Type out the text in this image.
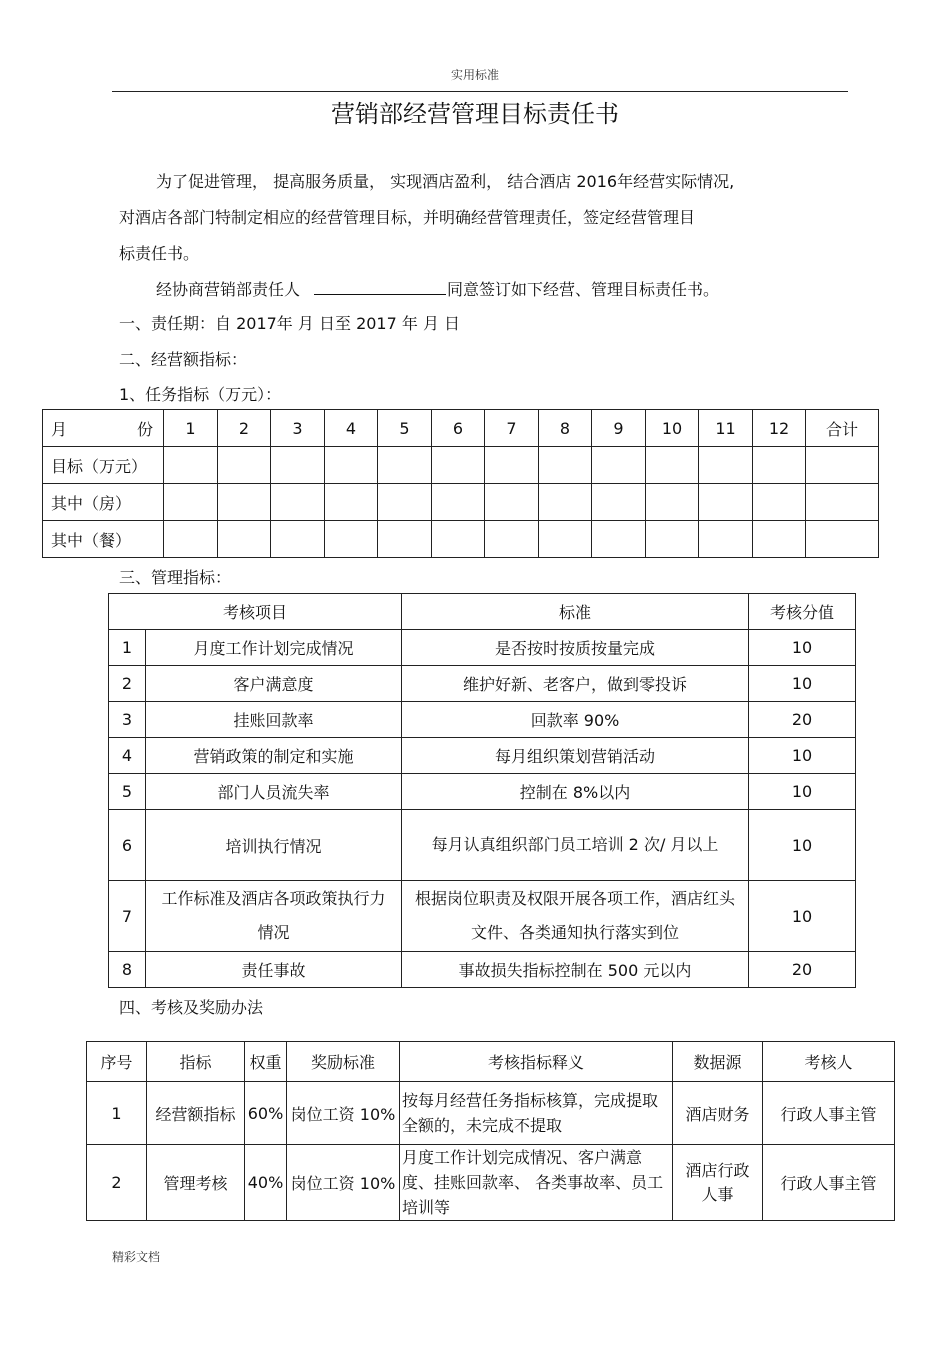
实用标准
营销部经营管理目标责任书
为了促进管理， 提高服务质量， 实现酒店盈利， 结合酒店 2016年经营实际情况,
对酒店各部门特制定相应的经营管理目标，并明确经营管理责任，签定经营管理目
标责任书。
经协商营销部责任人	同意签订如下经营、管理目标责任书。
一、责任期：自 2017年 月 日至 2017 年 月 日
二、经营额指标：
1、任务指标（万元）：
月 份	1	2	3	4	5	6	7	8	9	10	11	12	合计
目标（万元）													
其中（房）													
其中（餐）													
三、管理指标：
考核项目		标准	考核分值
1	月度工作计划完成情况	是否按时按质按量完成	10
2	客户满意度	维护好新、老客户，做到零投诉	10
3	挂账回款率	回款率 90%	20
4	营销政策的制定和实施	每月组织策划营销活动	10
5	部门人员流失率	控制在 8%以内	10
6	培训执行情况	每月认真组织部门员工培训 2 次/ 月以上	10
7	工作标准及酒店各项政策执行力情况	根据岗位职责及权限开展各项工作，酒店红头文件、各类通知执行落实到位	10
8	责任事故	事故损失指标控制在 500 元以内	20
四、考核及奖励办法
序号	指标	权重	奖励标准	考核指标释义	数据源	考核人
1	经营额指标	60%	岗位工资 10%	按每月经营任务指标核算，完成提取全额的，未完成不提取	酒店财务	行政人事主管
2	管理考核	40%	岗位工资 10%	月度工作计划完成情况、客户满意度、挂账回款率、 各类事故率、员工培训等	酒店行政人事	行政人事主管
精彩文档
